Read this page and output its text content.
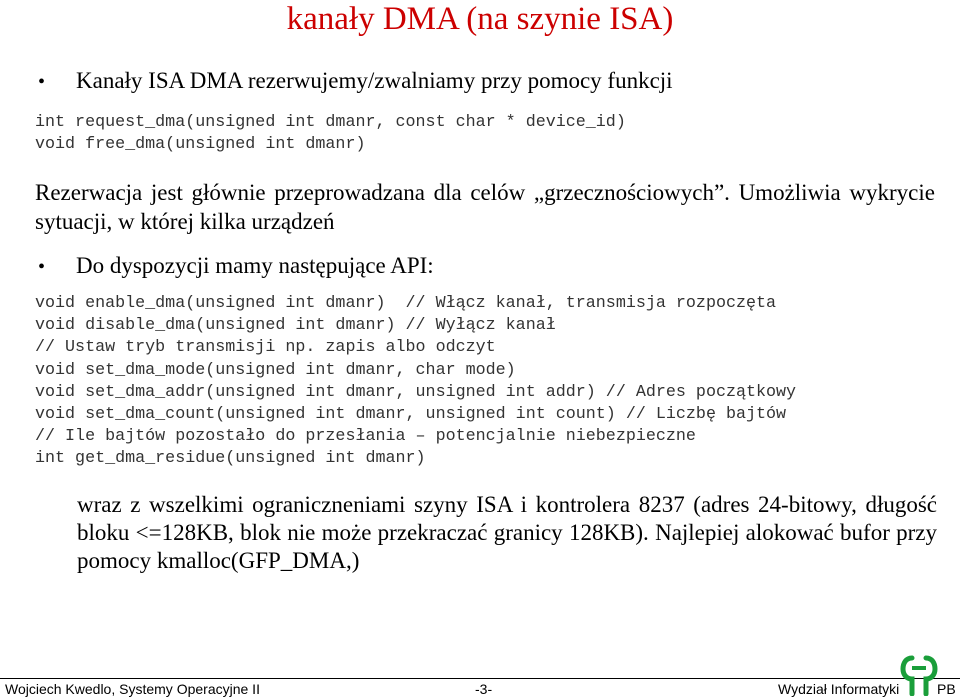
kanały DMA (na szynie ISA)
• Kanały ISA DMA rezerwujemy/zwalniamy przy pomocy funkcji
int request_dma(unsigned int dmanr, const char * device_id)
void free_dma(unsigned int dmanr)
Rezerwacja jest głównie przeprowadzana dla celów „grzecznościowych”. Umożliwia wykrycie sytuacji, w której kilka urządzeń
• Do dyspozycji mamy następujące API:
void enable_dma(unsigned int dmanr)  // Włącz kanał, transmisja rozpoczęta
void disable_dma(unsigned int dmanr) // Wyłącz kanał
// Ustaw tryb transmisji np. zapis albo odczyt
void set_dma_mode(unsigned int dmanr, char mode)
void set_dma_addr(unsigned int dmanr, unsigned int addr) // Adres początkowy
void set_dma_count(unsigned int dmanr, unsigned int count) // Liczbę bajtów
// Ile bajtów pozostało do przesłania – potencjalnie niebezpieczne
int get_dma_residue(unsigned int dmanr)
wraz z wszelkimi ograniczneniami szyny ISA i kontrolera 8237 (adres 24-bitowy, długość bloku <=128KB, blok nie może przekraczać granicy 128KB). Najlepiej alokować bufor przy pomocy kmalloc(GFP_DMA,)
Wojciech Kwedlo, Systemy Operacyjne II	-3-	Wydział Informatyki	PB
